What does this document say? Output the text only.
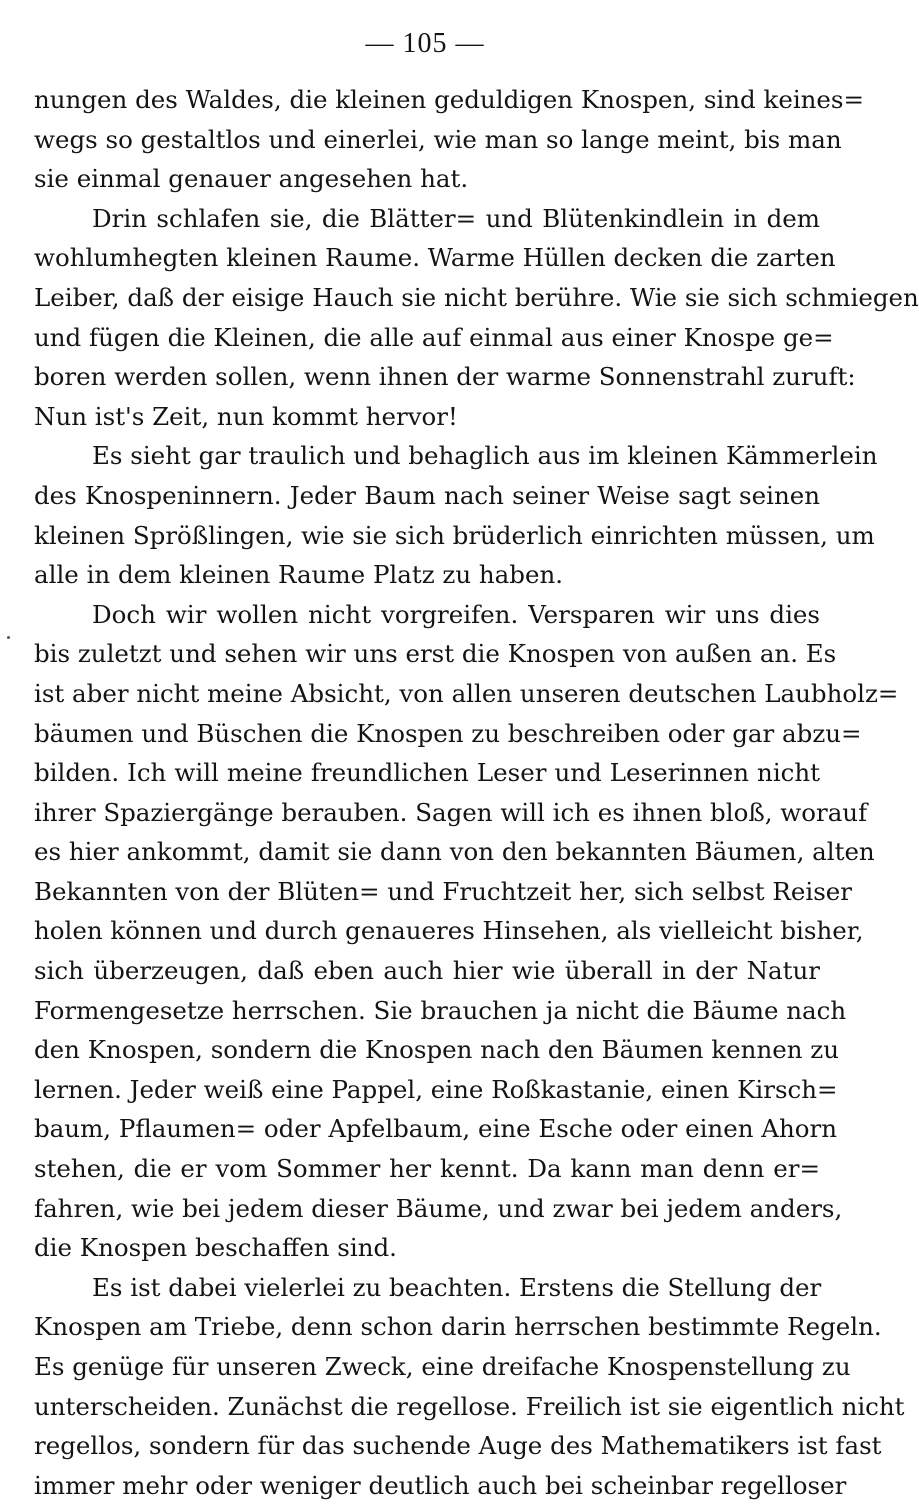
— 105 —
nungen des Waldes, die kleinen geduldigen Knospen, sind keines=
wegs so gestaltlos und einerlei, wie man so lange meint, bis man
sie einmal genauer angesehen hat.
Drin schlafen sie, die Blätter= und Blütenkindlein in dem
wohlumhegten kleinen Raume. Warme Hüllen decken die zarten
Leiber, daß der eisige Hauch sie nicht berühre. Wie sie sich schmiegen
und fügen die Kleinen, die alle auf einmal aus einer Knospe ge=
boren werden sollen, wenn ihnen der warme Sonnenstrahl zuruft:
Nun ist's Zeit, nun kommt hervor!
Es sieht gar traulich und behaglich aus im kleinen Kämmerlein
des Knospeninnern. Jeder Baum nach seiner Weise sagt seinen
kleinen Sprößlingen, wie sie sich brüderlich einrichten müssen, um
alle in dem kleinen Raume Platz zu haben.
Doch wir wollen nicht vorgreifen. Versparen wir uns dies
bis zuletzt und sehen wir uns erst die Knospen von außen an. Es
ist aber nicht meine Absicht, von allen unseren deutschen Laubholz=
bäumen und Büschen die Knospen zu beschreiben oder gar abzu=
bilden. Ich will meine freundlichen Leser und Leserinnen nicht
ihrer Spaziergänge berauben. Sagen will ich es ihnen bloß, worauf
es hier ankommt, damit sie dann von den bekannten Bäumen, alten
Bekannten von der Blüten= und Fruchtzeit her, sich selbst Reiser
holen können und durch genaueres Hinsehen, als vielleicht bisher,
sich überzeugen, daß eben auch hier wie überall in der Natur
Formengesetze herrschen. Sie brauchen ja nicht die Bäume nach
den Knospen, sondern die Knospen nach den Bäumen kennen zu
lernen. Jeder weiß eine Pappel, eine Roßkastanie, einen Kirsch=
baum, Pflaumen= oder Apfelbaum, eine Esche oder einen Ahorn
stehen, die er vom Sommer her kennt. Da kann man denn er=
fahren, wie bei jedem dieser Bäume, und zwar bei jedem anders,
die Knospen beschaffen sind.
Es ist dabei vielerlei zu beachten. Erstens die Stellung der
Knospen am Triebe, denn schon darin herrschen bestimmte Regeln.
Es genüge für unseren Zweck, eine dreifache Knospenstellung zu
unterscheiden. Zunächst die regellose. Freilich ist sie eigentlich nicht
regellos, sondern für das suchende Auge des Mathematikers ist fast
immer mehr oder weniger deutlich auch bei scheinbar regelloser
